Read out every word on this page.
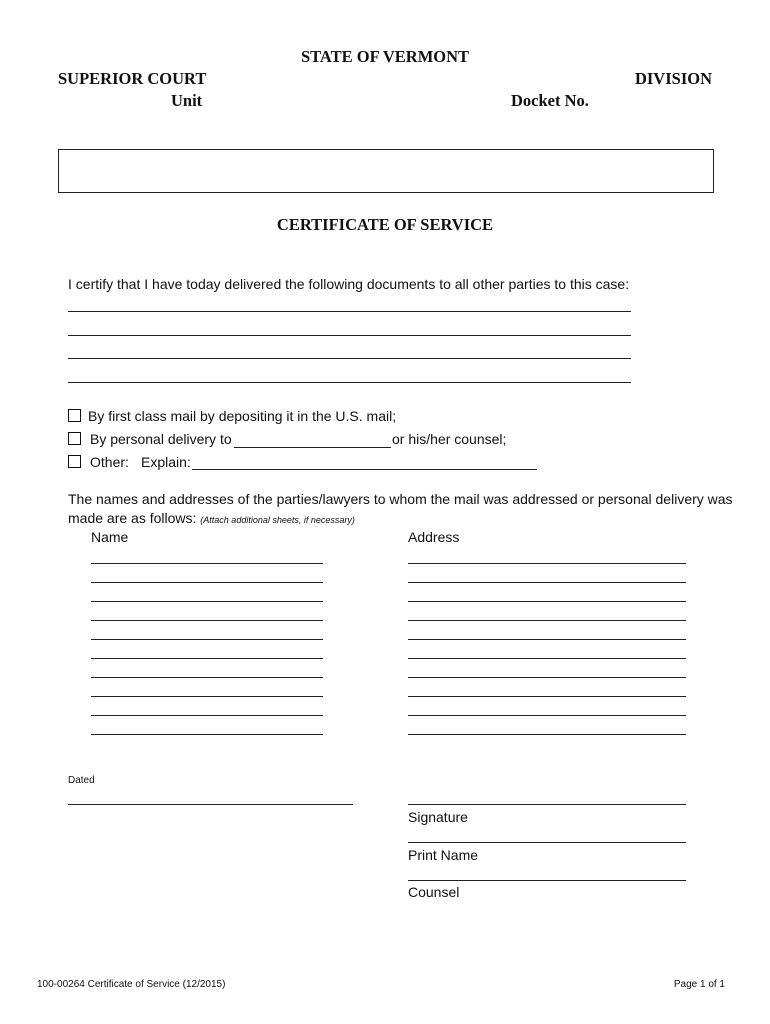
STATE OF VERMONT
SUPERIOR COURT	DIVISION
Unit	Docket No.
CERTIFICATE OF SERVICE
I certify that I have today delivered the following documents to all other parties to this case:
By first class mail by depositing it in the U.S. mail;
By personal delivery to	or his/her counsel;
Other: Explain:
The names and addresses of the parties/lawyers to whom the mail was addressed or personal delivery was
made are as follows: (Attach additional sheets, if necessary)
Name	Address
Dated
Signature
Print Name
Counsel
100-00264 Certificate of Service (12/2015)	Page 1 of 1
